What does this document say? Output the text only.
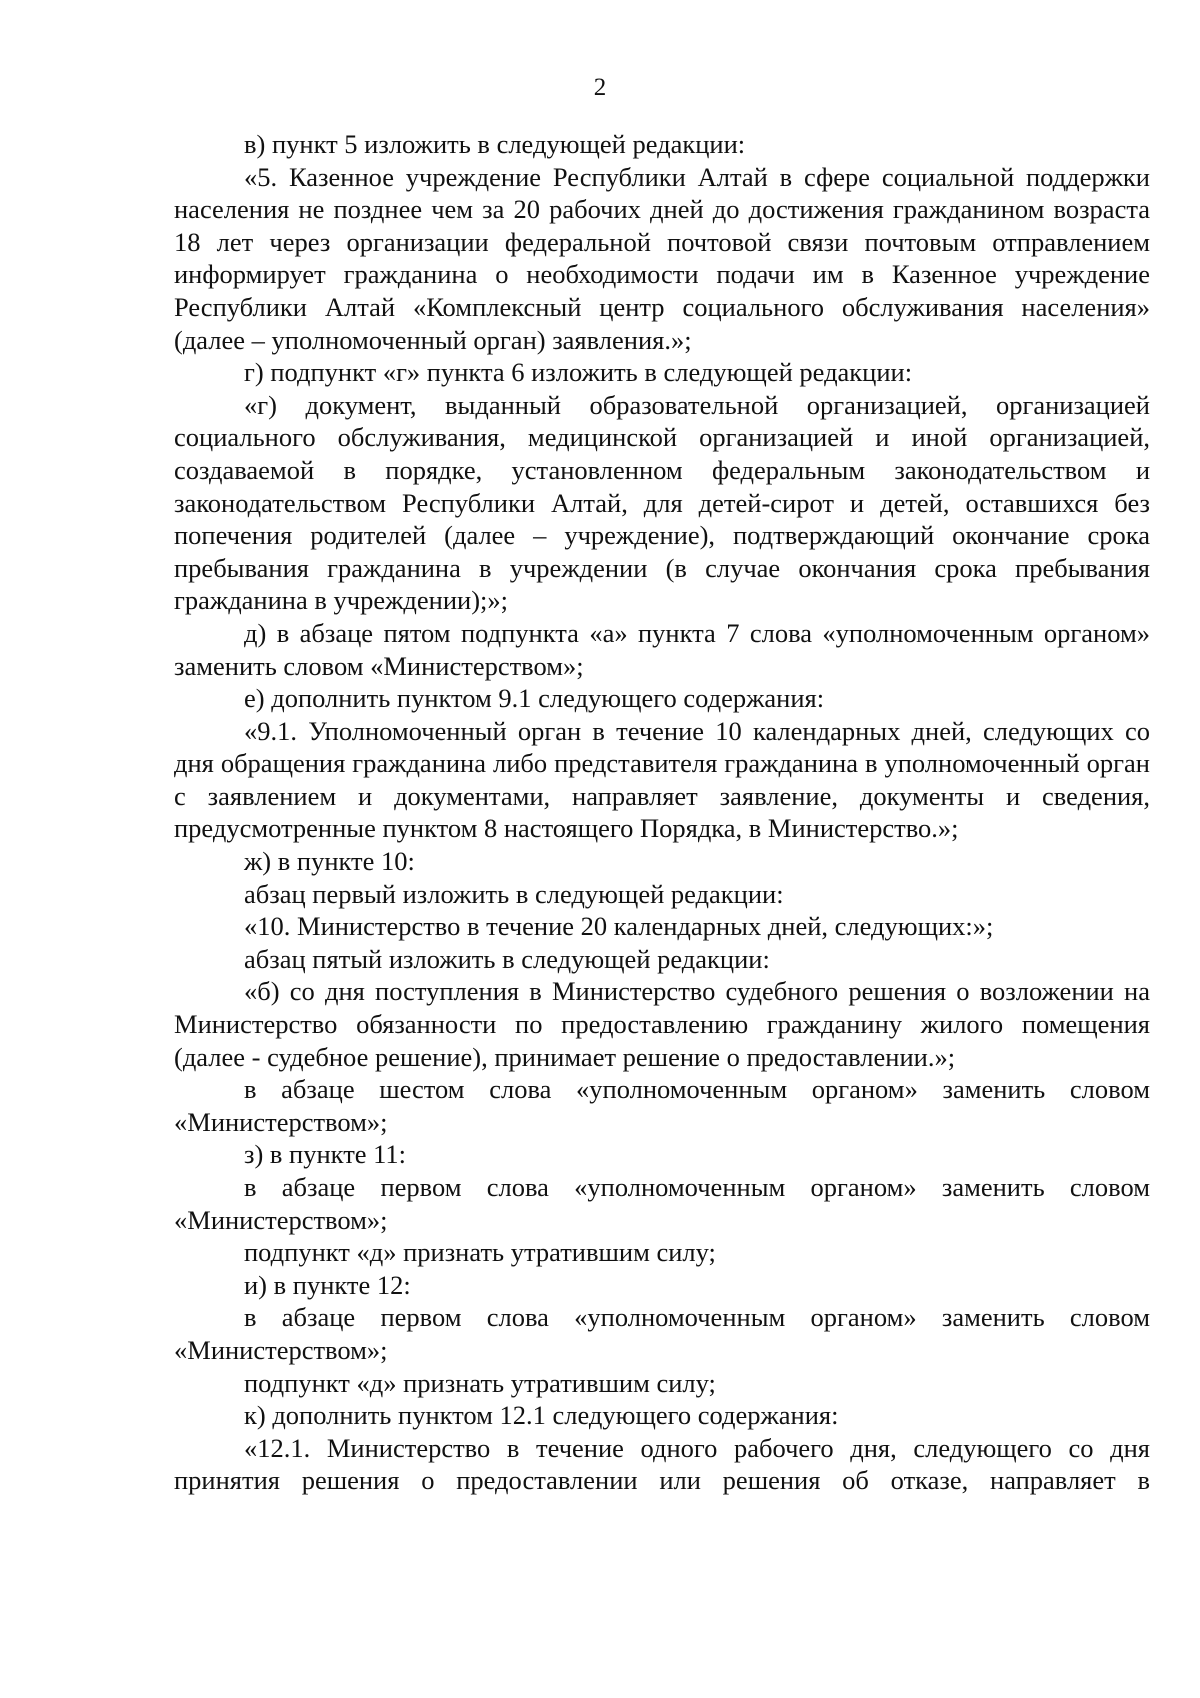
2

в) пункт 5 изложить в следующей редакции:

«5. Казенное учреждение Республики Алтай в сфере социальной поддержки населения не позднее чем за 20 рабочих дней до достижения гражданином возраста 18 лет через организации федеральной почтовой связи почтовым отправлением информирует гражданина о необходимости подачи им в Казенное учреждение Республики Алтай «Комплексный центр социального обслуживания населения» (далее – уполномоченный орган) заявления.»;

г) подпункт «г» пункта 6 изложить в следующей редакции:

«г) документ, выданный образовательной организацией, организацией социального обслуживания, медицинской организацией и иной организацией, создаваемой в порядке, установленном федеральным законодательством и законодательством Республики Алтай, для детей-сирот и детей, оставшихся без попечения родителей (далее – учреждение), подтверждающий окончание срока пребывания гражданина в учреждении (в случае окончания срока пребывания гражданина в учреждении);»;

д) в абзаце пятом подпункта «а» пункта 7 слова «уполномоченным органом» заменить словом «Министерством»;

е) дополнить пунктом 9.1 следующего содержания:

«9.1. Уполномоченный орган в течение 10 календарных дней, следующих со дня обращения гражданина либо представителя гражданина в уполномоченный орган с заявлением и документами, направляет заявление, документы и сведения, предусмотренные пунктом 8 настоящего Порядка, в Министерство.»;

ж) в пункте 10:

абзац первый изложить в следующей редакции:

«10. Министерство в течение 20 календарных дней, следующих:»;

абзац пятый изложить в следующей редакции:

«б) со дня поступления в Министерство судебного решения о возложении на Министерство обязанности по предоставлению гражданину жилого помещения (далее - судебное решение), принимает решение о предоставлении.»;

в абзаце шестом слова «уполномоченным органом» заменить словом «Министерством»;

з) в пункте 11:

в абзаце первом слова «уполномоченным органом» заменить словом «Министерством»;

подпункт «д» признать утратившим силу;

и) в пункте 12:

в абзаце первом слова «уполномоченным органом» заменить словом «Министерством»;

подпункт «д» признать утратившим силу;

к) дополнить пунктом 12.1 следующего содержания:

«12.1. Министерство в течение одного рабочего дня, следующего со дня принятия решения о предоставлении или решения об отказе, направляет в
